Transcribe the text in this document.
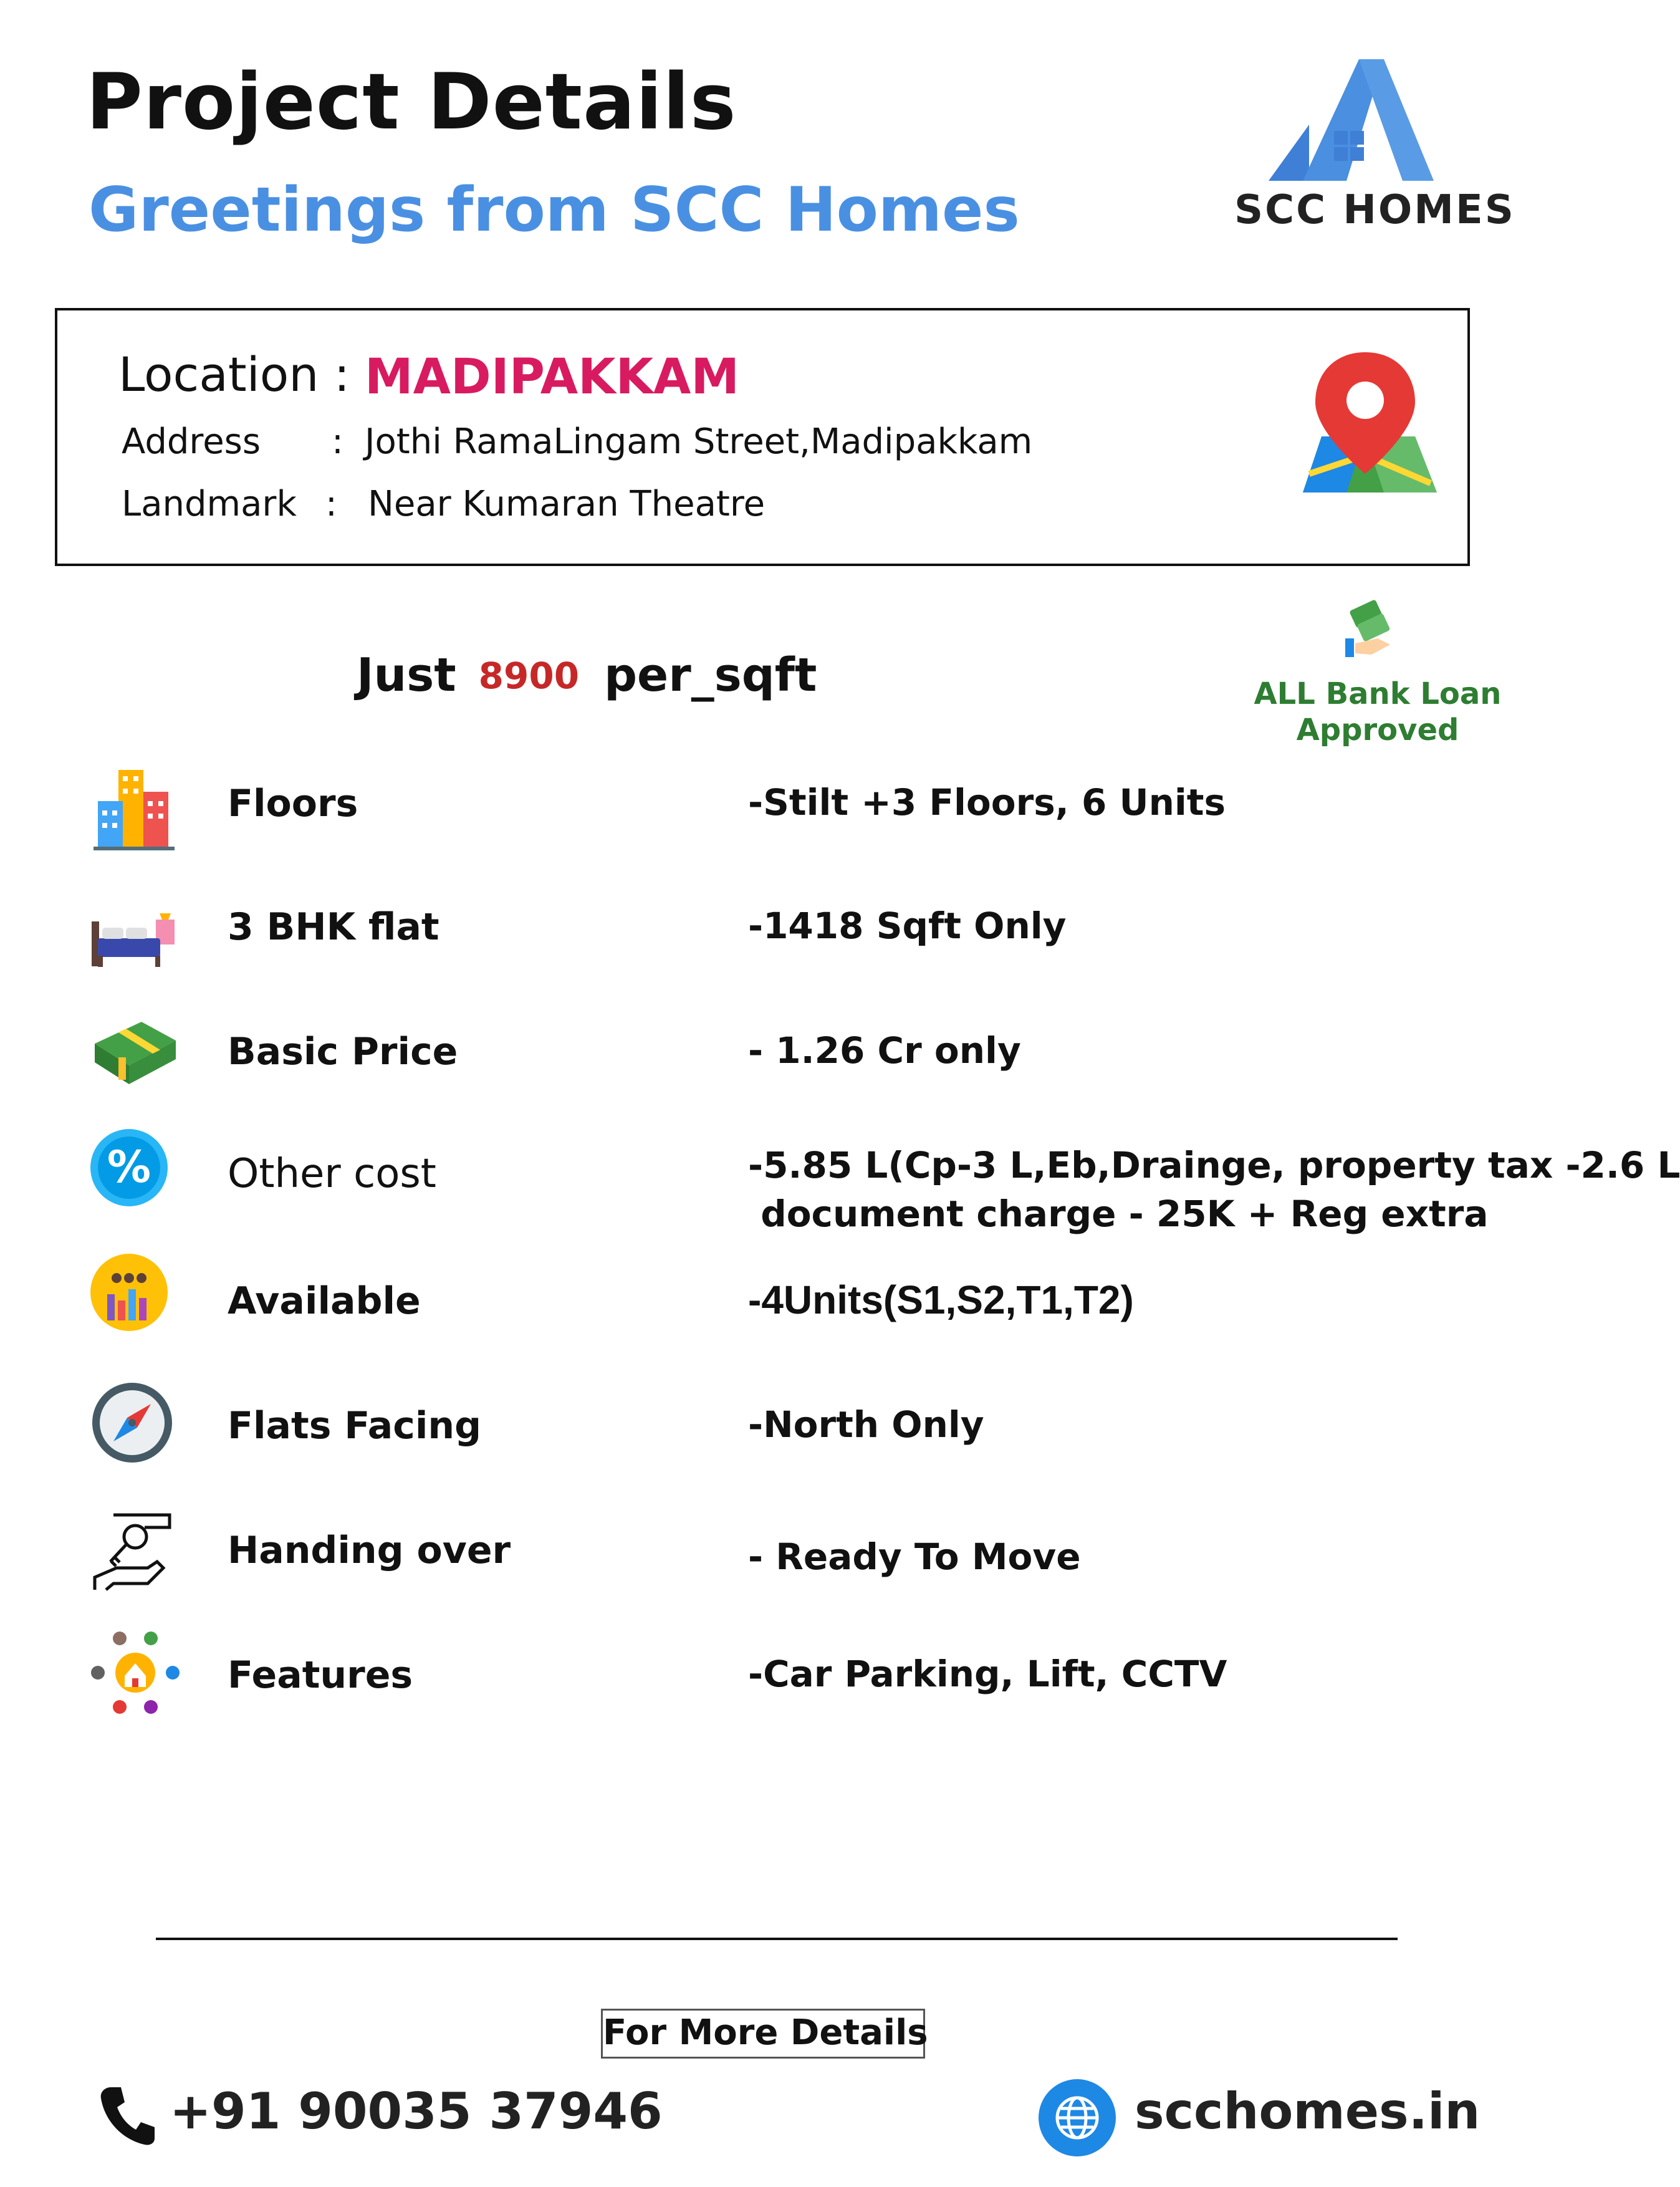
Project Details
Greetings from SCC Homes	SCC HOMES
Location : MADIPAKKAM
Address : Jothi RamaLingam Street,Madipakkam
Landmark : Near Kumaran Theatre
Just 8900 per_sqft	ALL Bank Loan
Approved
Floors	-Stilt +3 Floors, 6 Units
3 BHK flat	-1418 Sqft Only
Basic Price	- 1.26 Cr only
% Other cost	-5.85 L(Cp-3 L,Eb,Drainge, property tax -2.6 L
document charge - 25K + Reg extra
Available	-4Units(S1,S2,T1,T2)
Flats Facing	-North Only
Handing over	- Ready To Move
Features	-Car Parking, Lift, CCTV
For More Details
+91 90035 37946	scchomes.in
